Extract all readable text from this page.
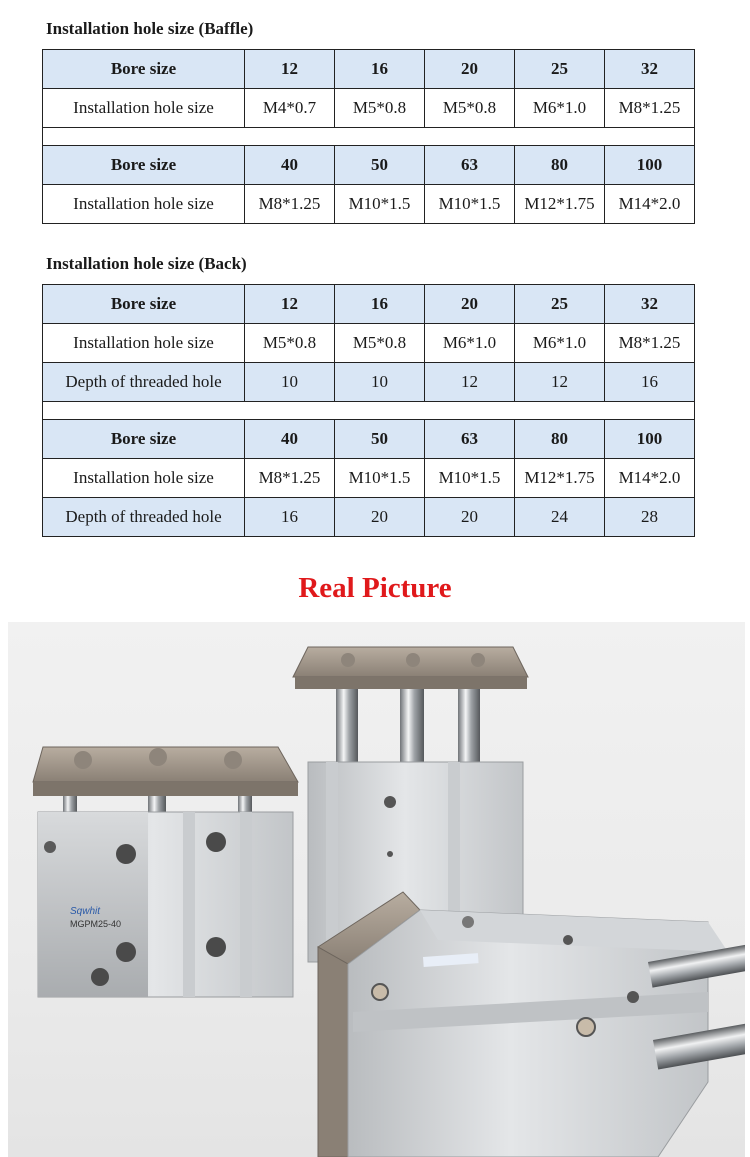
Installation hole size (Baffle)
Bore size	12	16	20	25	32
Installation hole size	M4*0.7	M5*0.8	M5*0.8	M6*1.0	M8*1.25

Bore size	40	50	63	80	100
Installation hole size	M8*1.25	M10*1.5	M10*1.5	M12*1.75	M14*2.0
Installation hole size (Back)
Bore size	12	16	20	25	32
Installation hole size	M5*0.8	M5*0.8	M6*1.0	M6*1.0	M8*1.25
Depth of threaded hole	10	10	12	12	16

Bore size	40	50	63	80	100
Installation hole size	M8*1.25	M10*1.5	M10*1.5	M12*1.75	M14*2.0
Depth of threaded hole	16	20	20	24	28
Real Picture
Sqwhit
MGPM25-40
